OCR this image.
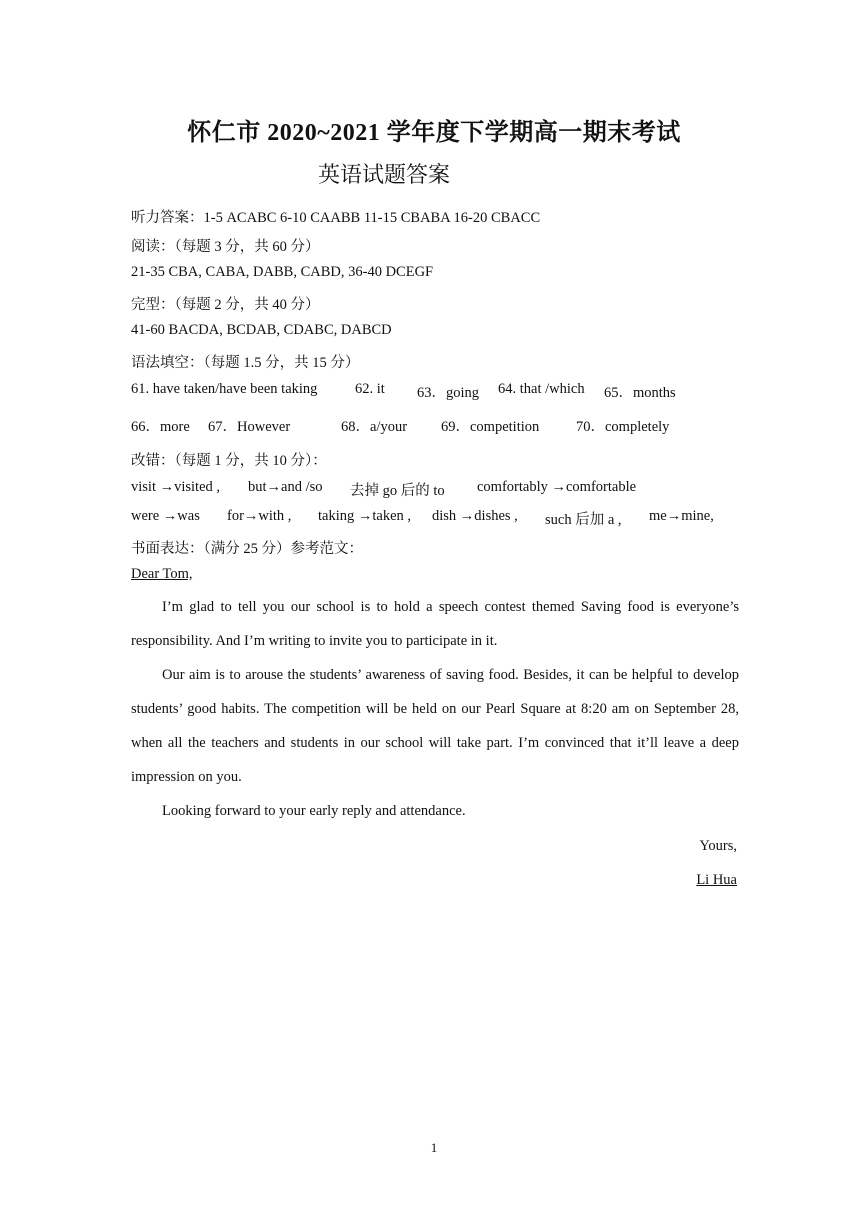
怀仁市 2020~2021 学年度下学期高一期末考试
英语试题答案
听力答案：1-5 ACABC 6-10 CAABB 11-15 CBABA 16-20 CBACC
阅读：（每题 3 分，共 60 分）
21-35 CBA, CABA, DABB, CABD, 36-40 DCEGF
完型：（每题 2 分，共 40 分）
41-60 BACDA, BCDAB, CDABC, DABCD
语法填空：（每题 1.5 分，共 15 分）
61. have taken/have been taking	62. it 63．going 64. that /which 65．months
66．more 67．However	68．a/your 69．competition	70．completely
改错：（每题 1 分，共 10 分）：
visit →visited , but→and /so 去掉 go 后的 to comfortably →comfortable
were →was for→with , taking →taken , dish →dishes , such 后加 a , me→mine,
书面表达：（满分 25 分）参考范文：
Dear Tom,
I’m glad to tell you our school is to hold a speech contest themed Saving food is everyone’s responsibility. And I’m writing to invite you to participate in it.
Our aim is to arouse the students’ awareness of saving food. Besides, it can be helpful to develop students’ good habits. The competition will be held on our Pearl Square at 8:20 am on September 28, when all the teachers and students in our school will take part. I’m convinced that it’ll leave a deep impression on you.
Looking forward to your early reply and attendance.
Yours,
Li Hua
1
